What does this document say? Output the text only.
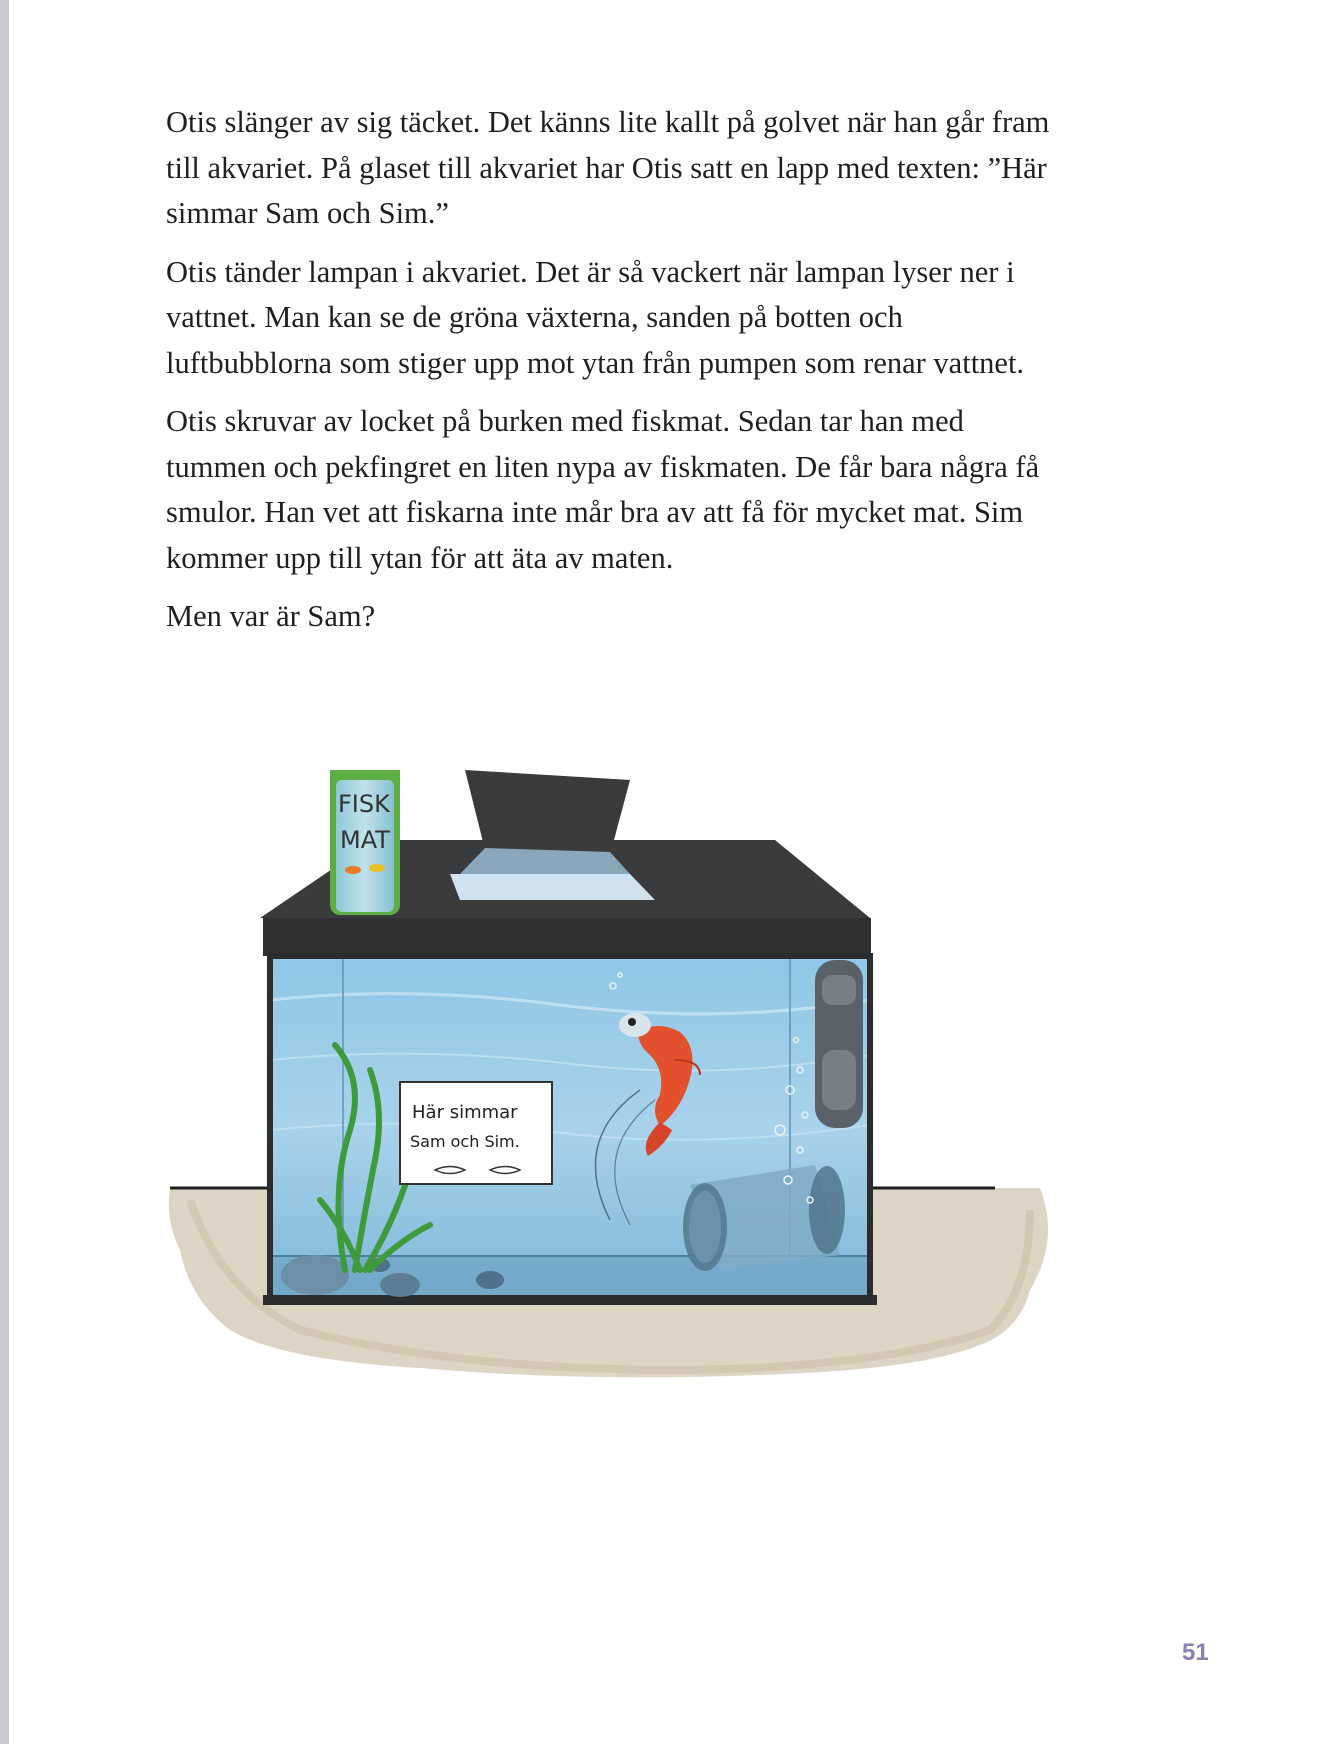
Otis slänger av sig täcket. Det känns lite kallt på golvet när han går fram till akvariet. På glaset till akvariet har Otis satt en lapp med texten: ”Här simmar Sam och Sim.”

Otis tänder lampan i akvariet. Det är så vackert när lampan lyser ner i vattnet. Man kan se de gröna växterna, sanden på botten och luftbubblorna som stiger upp mot ytan från pumpen som renar vattnet.

Otis skruvar av locket på burken med fiskmat. Sedan tar han med tummen och pekfingret en liten nypa av fiskmaten. De får bara några få smulor. Han vet att fiskarna inte mår bra av att få för mycket mat. Sim kommer upp till ytan för att äta av maten.

Men var är Sam?

Här simmar
Sam och Sim.
FISK
MAT
51
